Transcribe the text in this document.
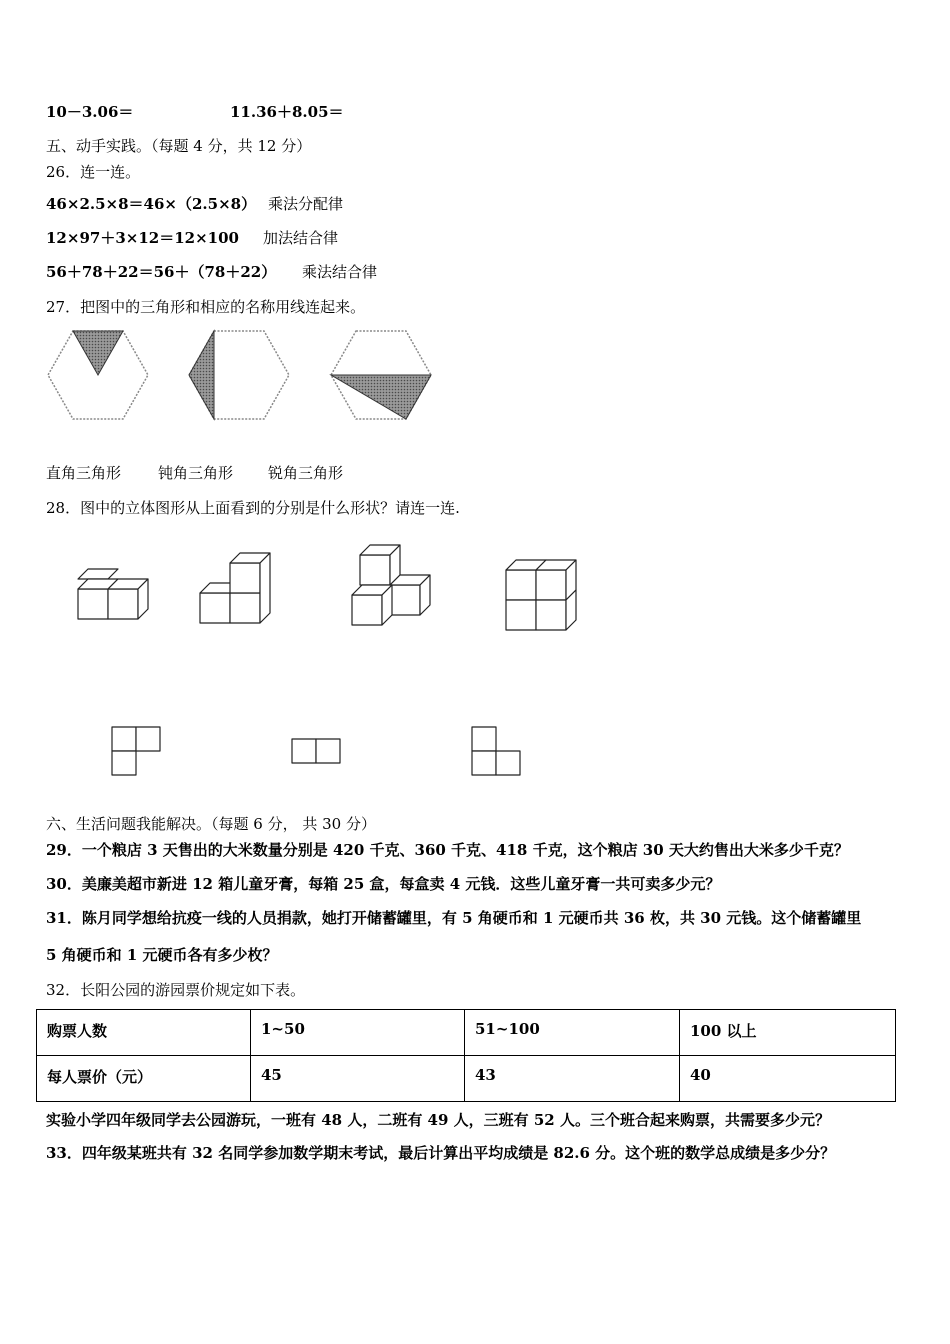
10－3.06＝	11.36＋8.05＝
五、动手实践。（每题 4 分，共 12 分）
26．连一连。
46×2.5×8＝46×（2.5×8） 乘法分配律
12×97＋3×12＝12×100 加法结合律
56＋78＋22＝56＋（78＋22） 乘法结合律
27．把图中的三角形和相应的名称用线连起来。
直角三角形 钝角三角形 锐角三角形
28．图中的立体图形从上面看到的分别是什么形状？请连一连.
六、生活问题我能解决。（每题 6 分， 共 30 分）
29．一个粮店 3 天售出的大米数量分别是 420 千克、360 千克、418 千克，这个粮店 30 天大约售出大米多少千克？
30．美廉美超市新进 12 箱儿童牙膏，每箱 25 盒，每盒卖 4 元钱．这些儿童牙膏一共可卖多少元？
31．陈月同学想给抗疫一线的人员捐款，她打开储蓄罐里，有 5 角硬币和 1 元硬币共 36 枚，共 30 元钱。这个储蓄罐里
5 角硬币和 1 元硬币各有多少枚？
32．长阳公园的游园票价规定如下表。
购票人数	1~50	51~100	100 以上
每人票价（元）	45	43	40
实验小学四年级同学去公园游玩，一班有 48 人，二班有 49 人，三班有 52 人。三个班合起来购票，共需要多少元？
33．四年级某班共有 32 名同学参加数学期末考试，最后计算出平均成绩是 82.6 分。这个班的数学总成绩是多少分？
